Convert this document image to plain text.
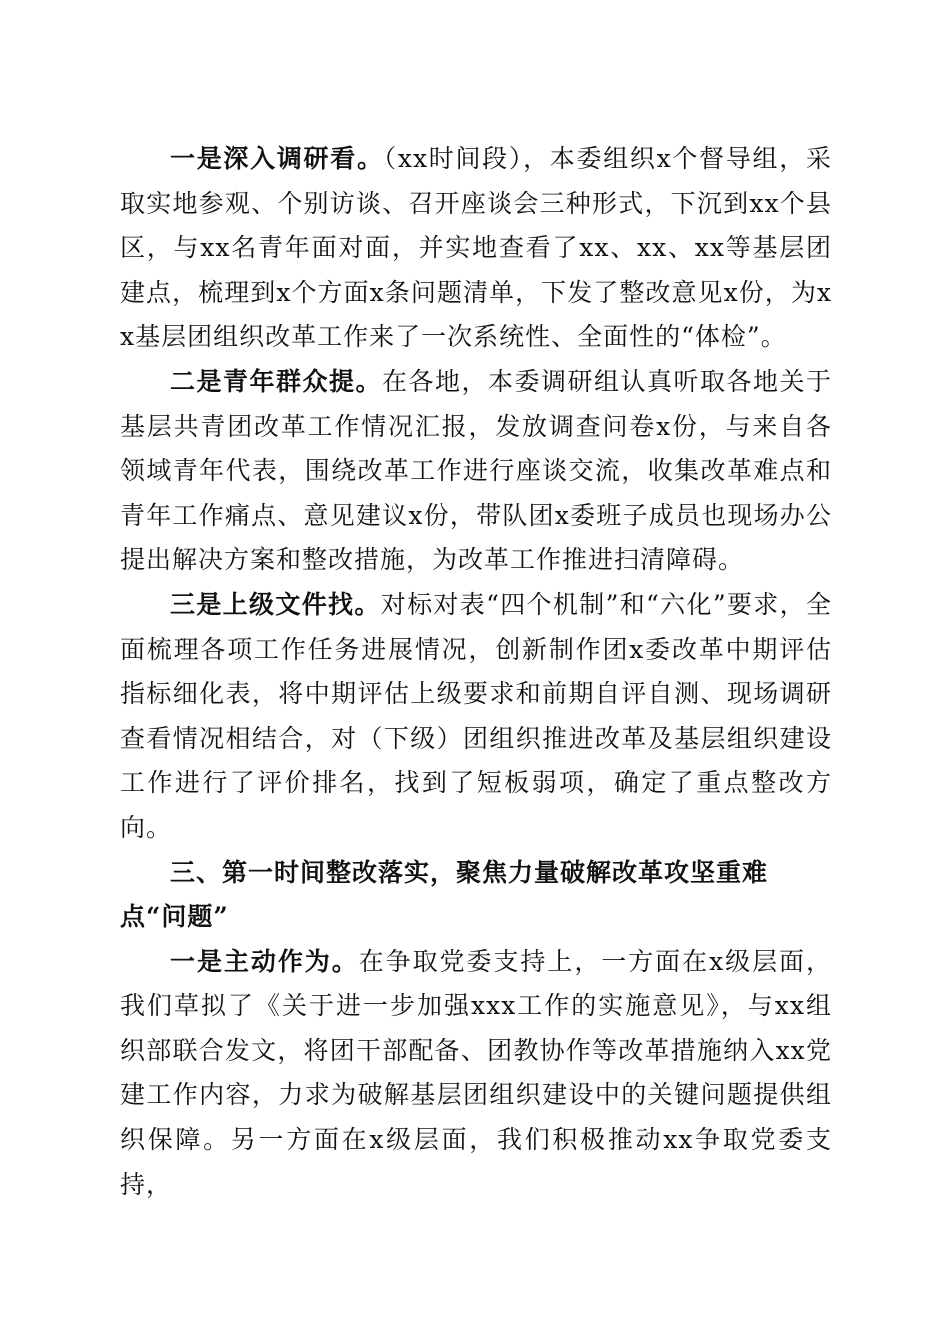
一是深入调研看。（xx时间段），本委组织x个督导组，采取实地参观、个别访谈、召开座谈会三种形式，下沉到xx个县区，与xx名青年面对面，并实地查看了xx、xx、xx等基层团建点，梳理到x个方面x条问题清单，下发了整改意见x份，为xx基层团组织改革工作来了一次系统性、全面性的“体检”。

二是青年群众提。在各地，本委调研组认真听取各地关于基层共青团改革工作情况汇报，发放调查问卷x份，与来自各领域青年代表，围绕改革工作进行座谈交流，收集改革难点和青年工作痛点、意见建议x份，带队团x委班子成员也现场办公提出解决方案和整改措施，为改革工作推进扫清障碍。

三是上级文件找。对标对表“四个机制”和“六化”要求，全面梳理各项工作任务进展情况，创新制作团x委改革中期评估指标细化表，将中期评估上级要求和前期自评自测、现场调研查看情况相结合，对（下级）团组织推进改革及基层组织建设工作进行了评价排名，找到了短板弱项，确定了重点整改方向。

三、第一时间整改落实，聚焦力量破解改革攻坚重难点“问题”

一是主动作为。在争取党委支持上，一方面在x级层面，我们草拟了《关于进一步加强xxx工作的实施意见》，与xx组织部联合发文，将团干部配备、团教协作等改革措施纳入xx党建工作内容，力求为破解基层团组织建设中的关键问题提供组织保障。另一方面在x级层面，我们积极推动xx争取党委支持，
